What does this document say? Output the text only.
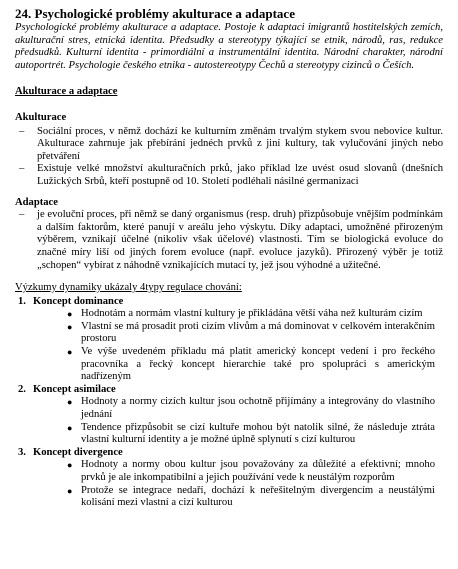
24. Psychologické problémy akulturace a adaptace

Psychologické problémy akulturace a adaptace. Postoje k adaptaci imigrantů hostitelských zemích, akulturační stres, etnická identita. Předsudky a stereotypy týkající se etnik, národů, ras, redukce předsudků. Kulturní identita - primordiální a instrumentální identita. Národní charakter, národní autoportrét. Psychologie českého etnika - autostereotypy Čechů a stereotypy cizinců o Češích.

Akulturace a adaptace
Akulturace
– Sociální proces, v němž dochází ke kulturním změnám trvalým stykem svou nebovice kultur. Akulturace zahrnuje jak přebírání jednéch prvků z jiní kultury, tak vylučování jiných nebo přetváření
– Existuje velké množství akulturačních prků, jako příklad lze uvést osud slovanů (dnešních Lužických Srbů, kteří postupně od 10. Století podléhali násilné germanizaci
Adaptace

– je evoluční proces, při němž se daný organismus (resp. druh) přizpůsobuje vnějším podmínkám a dalším faktorům, které panují v areálu jeho výskytu. Díky adaptaci, umožněné přirozeným výběrem, vznikají účelné (nikoliv však účelové) vlastnosti. Tím se biologická evoluce do značné míry liší od jiných forem evoluce (např. evoluce jazyků). Přirozený výběr je totiž „schopen“ vybírat z náhodně vznikajících mutací ty, jež jsou výhodné a užitečné.

Výzkumy dynamiky ukázaly 4typy regulace chování:
1. Koncept dominance
● Hodnotám a normám vlastní kultury je přikládána větší váha než kulturám cizím
● Vlastní se má prosadit proti cizím vlivům a má dominovat v celkovém interakčním prostoru
● Ve výše uvedeném příkladu má platit americký koncept vedení i pro řeckého pracovníka a řecký koncept hierarchie také pro spolupráci s americkým nadřízeným
2. Koncept asimilace
● Hodnoty a normy cizích kultur jsou ochotně přijímány a integrovány do vlastního jednání
● Tendence přizpůsobit se cizí kultuře mohou být natolik silné, že následuje ztráta vlastní kulturní identity a je možné úplně splynutí s cizí kulturou
3. Koncept divergence
● Hodnoty a normy obou kultur jsou považovány za důležité a efektivní; mnoho prvků je ale inkompatibilní a jejich používání vede k neustálým rozporům
● Protože se integrace nedaří, dochází k neřešitelným divergencím a neustálými kolisání mezi vlastní a cizí kulturou
